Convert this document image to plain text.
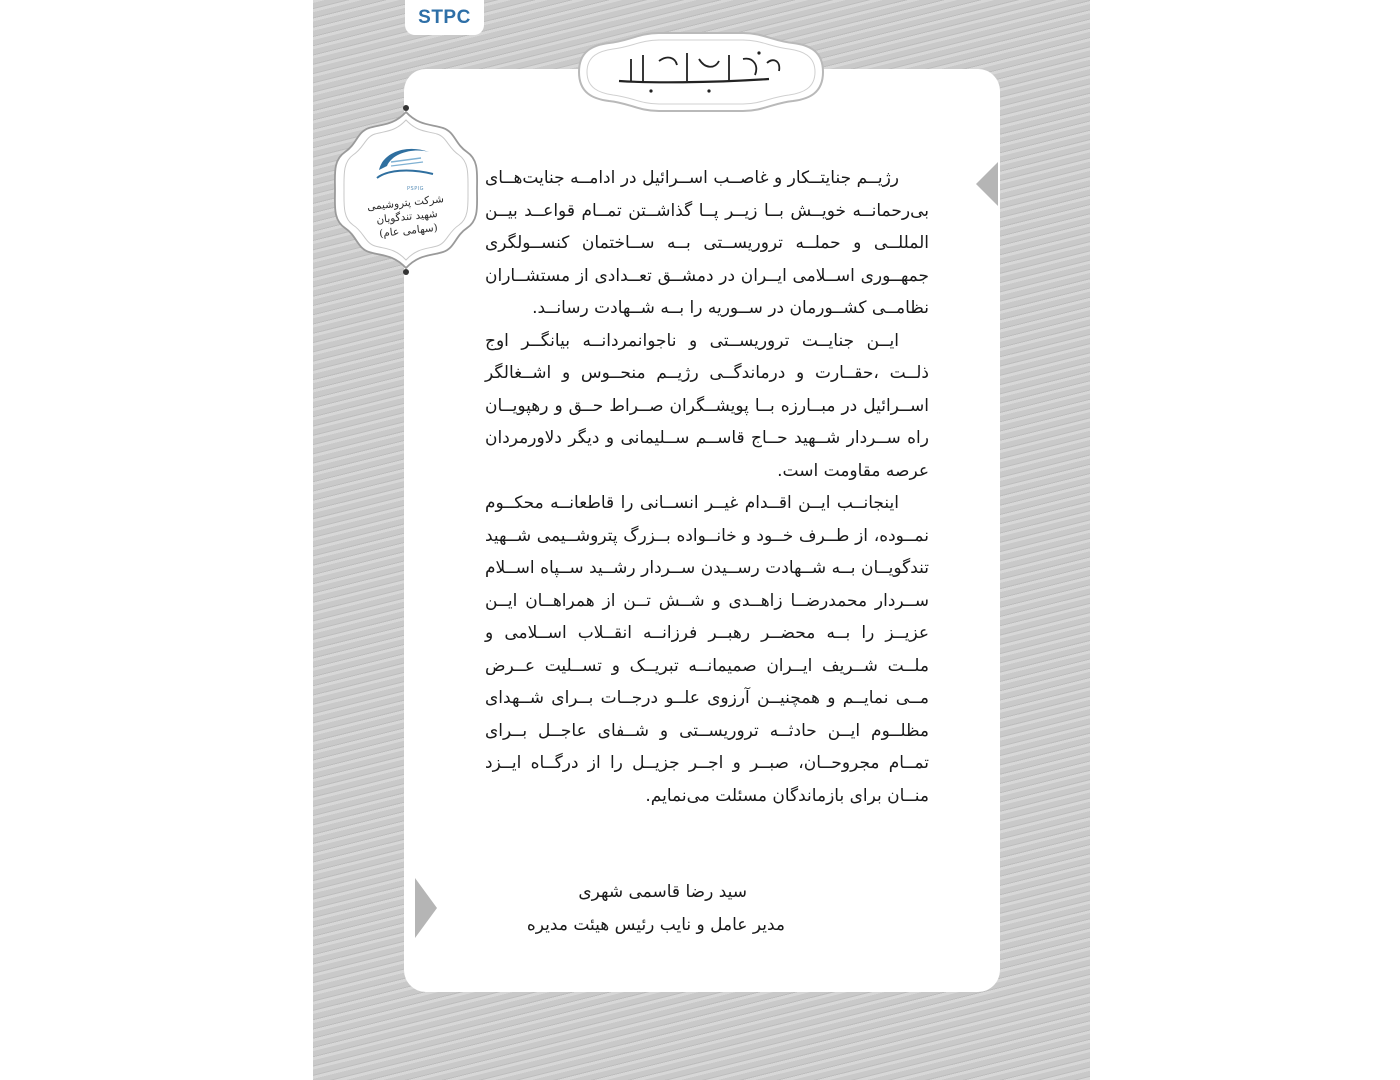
STPC
PSPIG
شرکت پتروشیمی شهید تندگویان (سهامی عام)

رژیــم جنایتــکار و غاصــب اســرائیل در ادامــه جنایت‌هــای بی‌رحمانــه خویــش بــا زیــر پــا گذاشــتن تمــام قواعــد بیــن المللــی و حملــه تروریســتی بــه ســاختمان کنســولگری جمهــوری اســلامی ایــران در دمشــق تعــدادی از مستشــاران نظامــی کشــورمان در ســوریه را بــه شــهادت رسانــد.

ایــن جنایــت تروریســتی و ناجوانمردانــه بیانگــر اوج ذلــت ،حقــارت و درماندگــی رژیــم منحــوس و اشــغالگر اســرائیل در مبــارزه بــا پویشــگران صــراط حــق و رهپویــان راه ســردار شــهید حــاج قاســم ســلیمانی و دیگر دلاورمردان عرصه مقاومت است.

اینجانــب ایــن اقــدام غیــر انســانی را قاطعانــه محکــوم نمــوده، از طــرف خــود و خانــواده بــزرگ پتروشــیمی شــهید تندگویــان بــه شــهادت رســیدن ســردار رشــید ســپاه اســلام ســردار محمدرضــا زاهــدی و شــش تــن از همراهــان ایــن عزیــز را بــه محضــر رهبــر فرزانــه انقــلاب اســلامی و ملــت شــریف ایــران صمیمانــه تبریــک و تســلیت عــرض مــی نمایــم و همچنیــن آرزوی علــو درجــات بــرای شــهدای مظلــوم ایــن حادثــه تروریســتی و شــفای عاجــل بــرای تمــام مجروحــان، صبــر و اجــر جزیــل را از درگــاه ایــزد منــان برای بازماندگان مسئلت می‌نمایم.

سید رضا قاسمی شهری
مدیر عامل و نایب رئیس هیئت مدیره
